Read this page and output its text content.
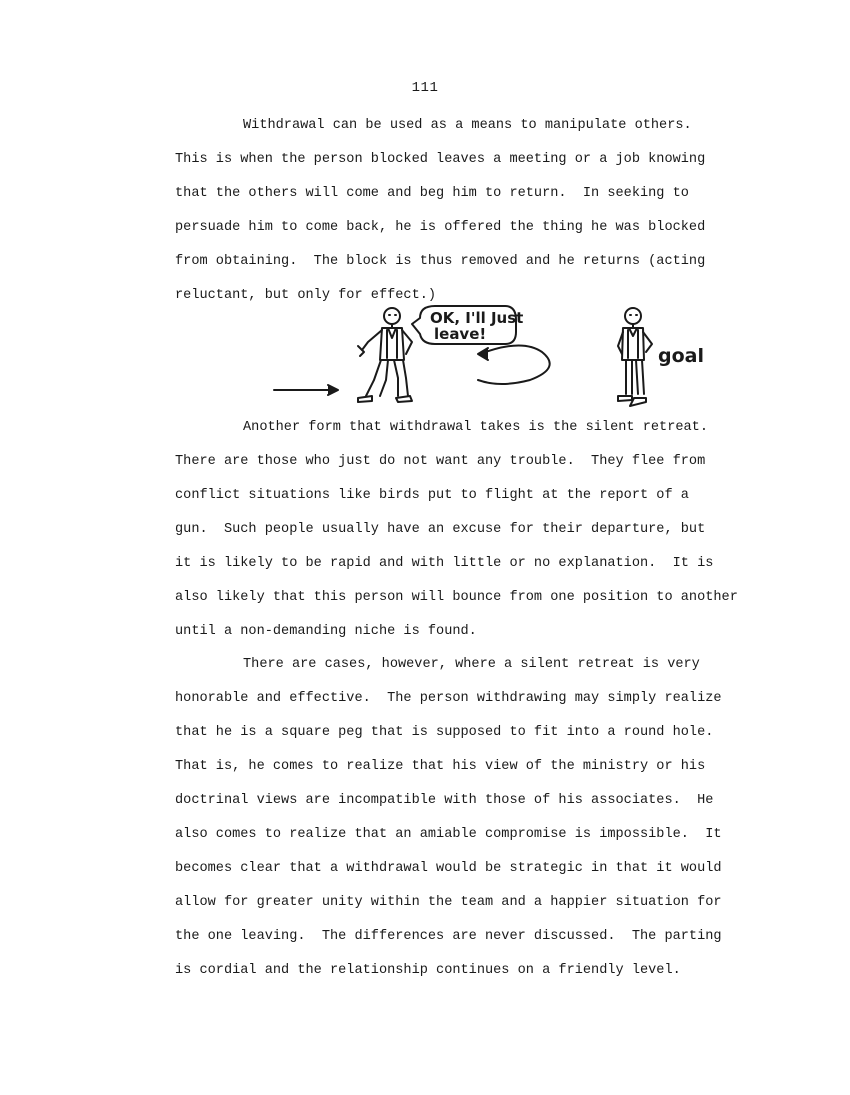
111
Withdrawal can be used as a means to manipulate others.
This is when the person blocked leaves a meeting or a job knowing
that the others will come and beg him to return.  In seeking to
persuade him to come back, he is offered the thing he was blocked
from obtaining.  The block is thus removed and he returns (acting
reluctant, but only for effect.)
OK, I'll Just
leave!
goal
Another form that withdrawal takes is the silent retreat.
There are those who just do not want any trouble.  They flee from
conflict situations like birds put to flight at the report of a
gun.  Such people usually have an excuse for their departure, but
it is likely to be rapid and with little or no explanation.  It is
also likely that this person will bounce from one position to another
until a non-demanding niche is found.
There are cases, however, where a silent retreat is very
honorable and effective.  The person withdrawing may simply realize
that he is a square peg that is supposed to fit into a round hole.
That is, he comes to realize that his view of the ministry or his
doctrinal views are incompatible with those of his associates.  He
also comes to realize that an amiable compromise is impossible.  It
becomes clear that a withdrawal would be strategic in that it would
allow for greater unity within the team and a happier situation for
the one leaving.  The differences are never discussed.  The parting
is cordial and the relationship continues on a friendly level.
